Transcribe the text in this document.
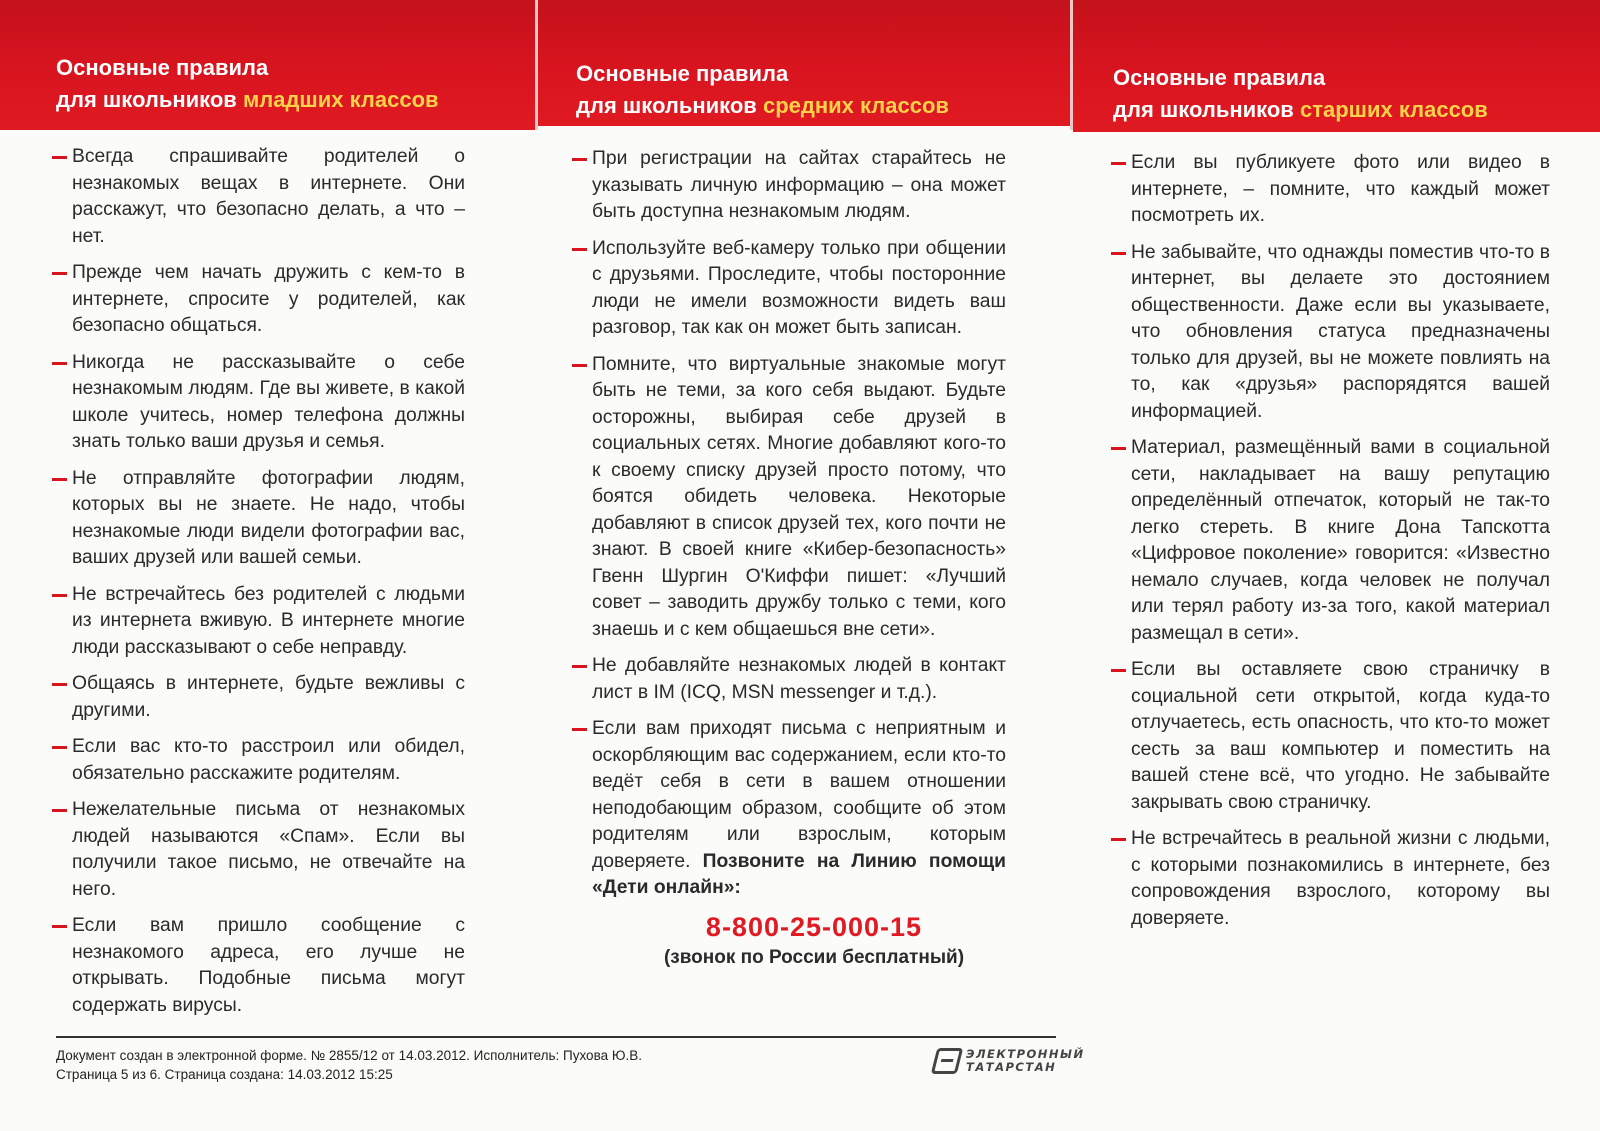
Основные правила
для школьников младших классов
Всегда спрашивайте родителей о незнакомых вещах в интернете. Они расскажут, что безопасно делать, а что – нет.
Прежде чем начать дружить с кем-то в интернете, спросите у родителей, как безопасно общаться.
Никогда не рассказывайте о себе незнакомым людям. Где вы живете, в какой школе учитесь, номер телефона должны знать только ваши друзья и семья.
Не отправляйте фотографии людям, которых вы не знаете. Не надо, чтобы незнакомые люди видели фотографии вас, ваших друзей или вашей семьи.
Не встречайтесь без родителей с людьми из интернета вживую. В интернете многие люди рассказывают о себе неправду.
Общаясь в интернете, будьте вежливы с другими.
Если вас кто-то расстроил или обидел, обязательно расскажите родителям.
Нежелательные письма от незнакомых людей называются «Спам». Если вы получили такое письмо, не отвечайте на него.
Если вам пришло сообщение с незнакомого адреса, его лучше не открывать. Подобные письма могут содержать вирусы.
Основные правила
для школьников средних классов
При регистрации на сайтах старайтесь не указывать личную информацию – она может быть доступна незнакомым людям.
Используйте веб-камеру только при общении с друзьями. Проследите, чтобы посторонние люди не имели возможности видеть ваш разговор, так как он может быть записан.
Помните, что виртуальные знакомые могут быть не теми, за кого себя выдают. Будьте осторожны, выбирая себе друзей в социальных сетях. Многие добавляют кого-то к своему списку друзей просто потому, что боятся обидеть человека. Некоторые добавляют в список друзей тех, кого почти не знают. В своей книге «Кибер-безопасность» Гвенн Шургин О'Киффи пишет: «Лучший совет – заводить дружбу только с теми, кого знаешь и с кем общаешься вне сети».
Не добавляйте незнакомых людей в контакт лист в IM (ICQ, MSN messenger и т.д.).
Если вам приходят письма с неприятным и оскорбляющим вас содержанием, если кто-то ведёт себя в сети в вашем отношении неподобающим образом, сообщите об этом родителям или взрослым, которым доверяете. Позвоните на Линию помощи «Дети онлайн»:
8-800-25-000-15
(звонок по России бесплатный)
Основные правила
для школьников старших классов
Если вы публикуете фото или видео в интернете, – помните, что каждый может посмотреть их.
Не забывайте, что однажды поместив что-то в интернет, вы делаете это достоянием общественности. Даже если вы указываете, что обновления статуса предназначены только для друзей, вы не можете повлиять на то, как «друзья» распорядятся вашей информацией.
Материал, размещённый вами в социальной сети, накладывает на вашу репутацию определённый отпечаток, который не так-то легко стереть. В книге Дона Тапскотта «Цифровое поколение» говорится: «Известно немало случаев, когда человек не получал или терял работу из-за того, какой материал размещал в сети».
Если вы оставляете свою страничку в социальной сети открытой, когда куда-то отлучаетесь, есть опасность, что кто-то может сесть за ваш компьютер и поместить на вашей стене всё, что угодно. Не забывайте закрывать свою страничку.
Не встречайтесь в реальной жизни с людьми, с которыми познакомились в интернете, без сопровождения взрослого, которому вы доверяете.
Документ создан в электронной форме. № 2855/12 от 14.03.2012. Исполнитель: Пухова Ю.В.
Страница 5 из 6. Страница создана: 14.03.2012 15:25
ЭЛЕКТРОННЫЙ
ТАТАРСТАН
